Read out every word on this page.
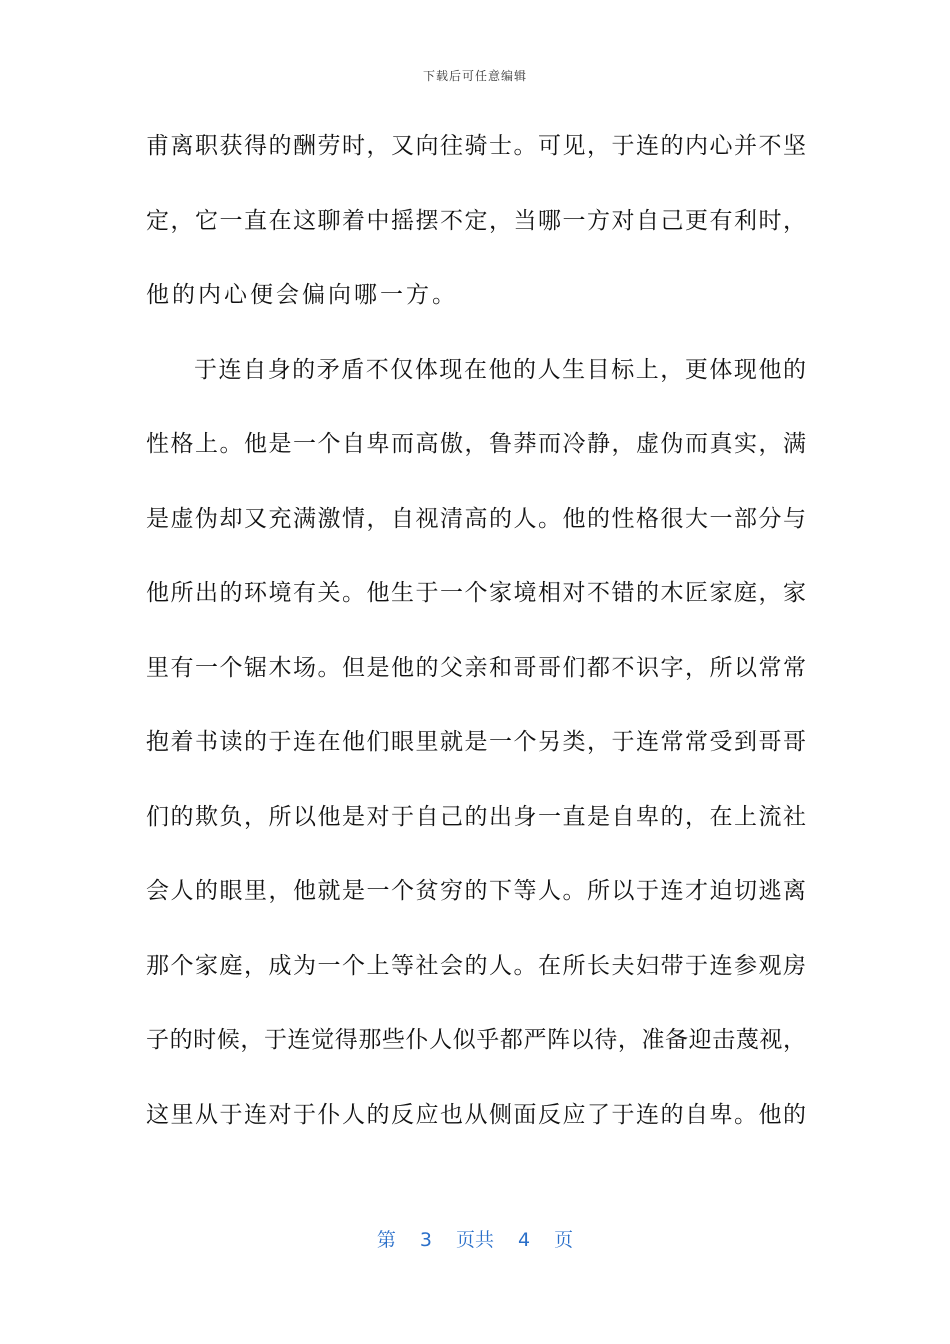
下载后可任意编辑
甫离职获得的酬劳时，又向往骑士。可见，于连的内心并不坚
定，它一直在这聊着中摇摆不定，当哪一方对自己更有利时，
他的内心便会偏向哪一方。
于连自身的矛盾不仅体现在他的人生目标上，更体现他的
性格上。他是一个自卑而高傲，鲁莽而冷静，虚伪而真实，满
是虚伪却又充满激情，自视清高的人。他的性格很大一部分与
他所出的环境有关。他生于一个家境相对不错的木匠家庭，家
里有一个锯木场。但是他的父亲和哥哥们都不识字，所以常常
抱着书读的于连在他们眼里就是一个另类，于连常常受到哥哥
们的欺负，所以他是对于自己的出身一直是自卑的，在上流社
会人的眼里，他就是一个贫穷的下等人。所以于连才迫切逃离
那个家庭，成为一个上等社会的人。在所长夫妇带于连参观房
子的时候，于连觉得那些仆人似乎都严阵以待，准备迎击蔑视，
这里从于连对于仆人的反应也从侧面反应了于连的自卑。他的
第 3 页共 4 页
